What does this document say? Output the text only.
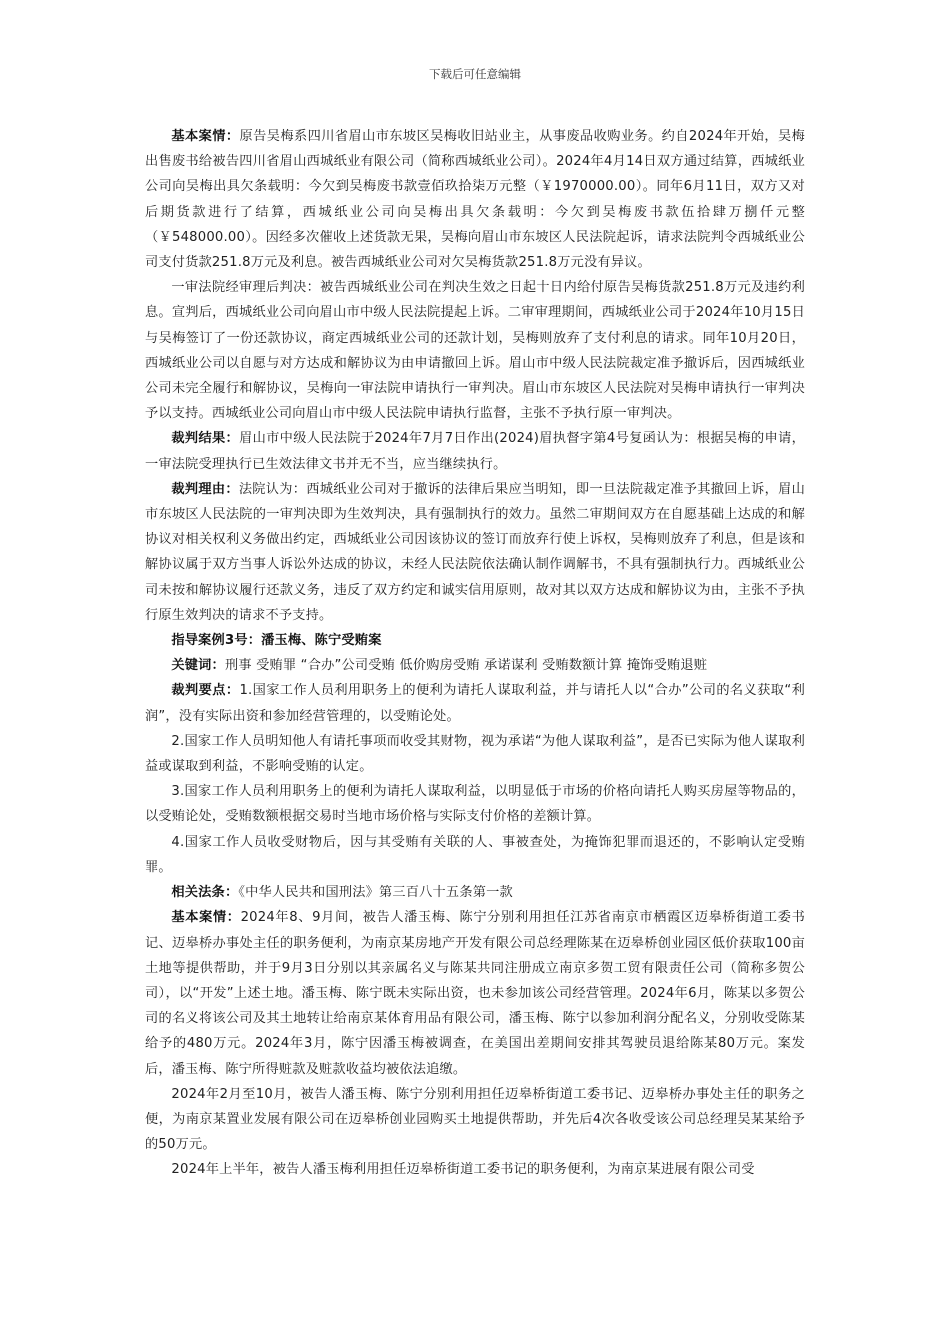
下载后可任意编辑

基本案情：原告吴梅系四川省眉山市东坡区吴梅收旧站业主，从事废品收购业务。约自2024年开始，吴梅出售废书给被告四川省眉山西城纸业有限公司（简称西城纸业公司）。2024年4月14日双方通过结算，西城纸业公司向吴梅出具欠条载明：今欠到吴梅废书款壹佰玖拾柒万元整（￥1970000.00）。同年6月11日，双方又对后期货款进行了结算，西城纸业公司向吴梅出具欠条载明：今欠到吴梅废书款伍拾肆万捌仟元整（￥548000.00）。因经多次催收上述货款无果，吴梅向眉山市东坡区人民法院起诉，请求法院判令西城纸业公司支付货款251.8万元及利息。被告西城纸业公司对欠吴梅货款251.8万元没有异议。

一审法院经审理后判决：被告西城纸业公司在判决生效之日起十日内给付原告吴梅货款251.8万元及违约利息。宣判后，西城纸业公司向眉山市中级人民法院提起上诉。二审审理期间，西城纸业公司于2024年10月15日与吴梅签订了一份还款协议，商定西城纸业公司的还款计划，吴梅则放弃了支付利息的请求。同年10月20日，西城纸业公司以自愿与对方达成和解协议为由申请撤回上诉。眉山市中级人民法院裁定准予撤诉后，因西城纸业公司未完全履行和解协议，吴梅向一审法院申请执行一审判决。眉山市东坡区人民法院对吴梅申请执行一审判决予以支持。西城纸业公司向眉山市中级人民法院申请执行监督，主张不予执行原一审判决。

裁判结果：眉山市中级人民法院于2024年7月7日作出(2024)眉执督字第4号复函认为：根据吴梅的申请，一审法院受理执行已生效法律文书并无不当，应当继续执行。

裁判理由：法院认为：西城纸业公司对于撤诉的法律后果应当明知，即一旦法院裁定准予其撤回上诉，眉山市东坡区人民法院的一审判决即为生效判决，具有强制执行的效力。虽然二审期间双方在自愿基础上达成的和解协议对相关权利义务做出约定，西城纸业公司因该协议的签订而放弃行使上诉权，吴梅则放弃了利息，但是该和解协议属于双方当事人诉讼外达成的协议，未经人民法院依法确认制作调解书，不具有强制执行力。西城纸业公司未按和解协议履行还款义务，违反了双方约定和诚实信用原则，故对其以双方达成和解协议为由，主张不予执行原生效判决的请求不予支持。

指导案例3号：潘玉梅、陈宁受贿案

关键词：刑事 受贿罪 “合办”公司受贿 低价购房受贿 承诺谋利 受贿数额计算 掩饰受贿退赃

裁判要点：1.国家工作人员利用职务上的便利为请托人谋取利益，并与请托人以“合办”公司的名义获取“利润”，没有实际出资和参加经营管理的，以受贿论处。

2.国家工作人员明知他人有请托事项而收受其财物，视为承诺“为他人谋取利益”，是否已实际为他人谋取利益或谋取到利益，不影响受贿的认定。

3.国家工作人员利用职务上的便利为请托人谋取利益，以明显低于市场的价格向请托人购买房屋等物品的，以受贿论处，受贿数额根据交易时当地市场价格与实际支付价格的差额计算。

4.国家工作人员收受财物后，因与其受贿有关联的人、事被查处，为掩饰犯罪而退还的，不影响认定受贿罪。

相关法条：《中华人民共和国刑法》第三百八十五条第一款

基本案情：2024年8、9月间，被告人潘玉梅、陈宁分别利用担任江苏省南京市栖霞区迈皋桥街道工委书记、迈皋桥办事处主任的职务便利，为南京某房地产开发有限公司总经理陈某在迈皋桥创业园区低价获取100亩土地等提供帮助，并于9月3日分别以其亲属名义与陈某共同注册成立南京多贺工贸有限责任公司（简称多贺公司），以“开发”上述土地。潘玉梅、陈宁既未实际出资，也未参加该公司经营管理。2024年6月，陈某以多贺公司的名义将该公司及其土地转让给南京某体育用品有限公司，潘玉梅、陈宁以参加利润分配名义，分别收受陈某给予的480万元。2024年3月，陈宁因潘玉梅被调查，在美国出差期间安排其驾驶员退给陈某80万元。案发后，潘玉梅、陈宁所得赃款及赃款收益均被依法追缴。

2024年2月至10月，被告人潘玉梅、陈宁分别利用担任迈皋桥街道工委书记、迈皋桥办事处主任的职务之便，为南京某置业发展有限公司在迈皋桥创业园购买土地提供帮助，并先后4次各收受该公司总经理吴某某给予的50万元。

2024年上半年，被告人潘玉梅利用担任迈皋桥街道工委书记的职务便利，为南京某进展有限公司受
